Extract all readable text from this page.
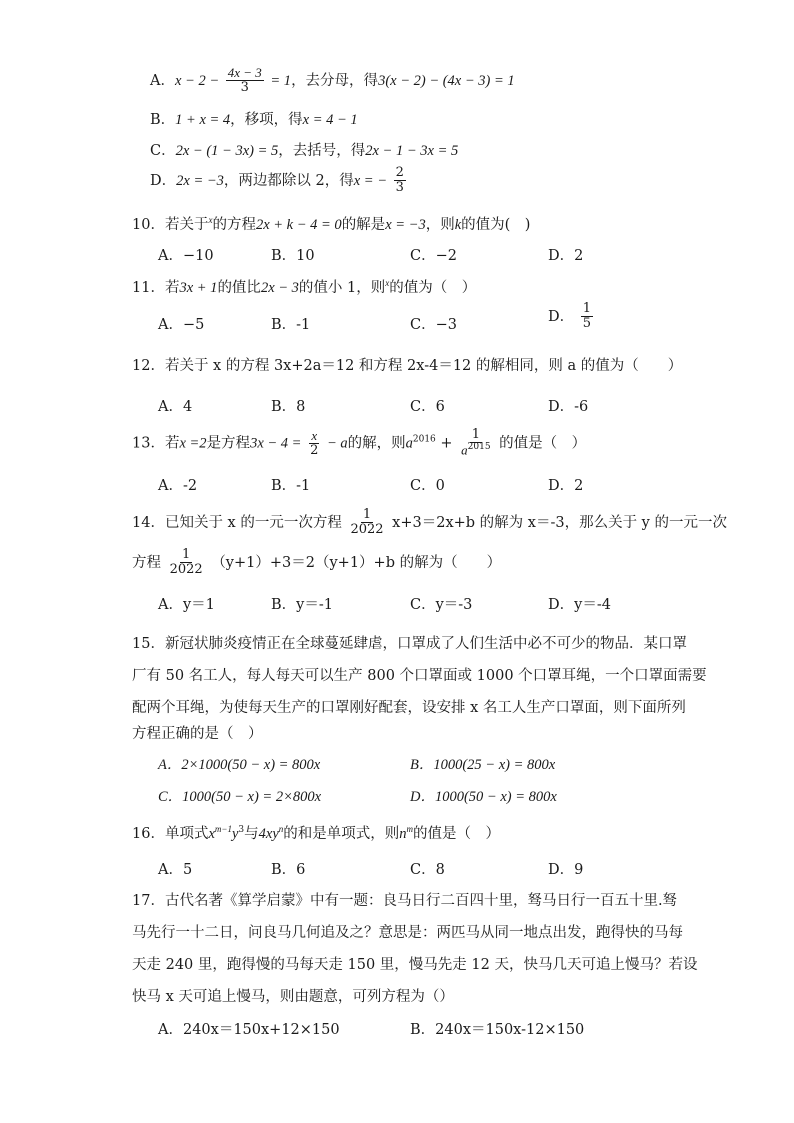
A．$x - 2 - \frac{4x - 3}{3} = 1$，去分母，得3(x − 2) − (4x − 3) = 1
B．1 + x = 4，移项，得x = 4 − 1
C．2x − (1 − 3x) = 5，去括号，得2x − 1 − 3x = 5
D．2x = −3，两边都除以 2，得x = − $\frac{2}{3}$
10．若关于$^x$的方程2x + k − 4 = 0的解是x = −3，则k的值为(　)
A．−10	B．10	C．−2	D．2
11．若3x + 1的值比2x − 3的值小 1，则$^x$的值为（　）
A．−5	B．-1	C．−3
D． $\frac{1}{5}$
12．若关于 x 的方程 3x+2a＝12 和方程 2x-4＝12 的解相同，则 a 的值为（　　）
A．4	B．8	C．6	D．-6
13．若x =2是方程$3x - 4 = \frac{x}{2} - a$的解，则$a^{2016} + \frac{1}{a^{2015}}$ 的值是（　）
A．-2	B．-1	C．0	D．2
14．已知关于 x 的一元一次方程 $\frac{1}{2022} x+3=2x+b$ 的解为 x＝-3，那么关于 y 的一元一次
方程 $\frac{1}{2022} (y+1)+3=2(y+1)+b$ 的解为（　　）
A．y＝1	B．y＝-1	C．y＝-3	D．y＝-4
15．新冠状肺炎疫情正在全球蔓延肆虐，口罩成了人们生活中必不可少的物品．某口罩
厂有 50 名工人，每人每天可以生产 800 个口罩面或 1000 个口罩耳绳，一个口罩面需要
配两个耳绳，为使每天生产的口罩刚好配套，设安排 x 名工人生产口罩面，则下面所列
方程正确的是（　）
A．2×1000(50 − x) = 800x	B．1000(25 − x) = 800x
C．1000(50 − x) = 2×800x	D．1000(50 − x) = 800x
16．单项式$x^{m-1}y^3$与$4xy^n$的和是单项式，则$n^m$的值是（　）
A．5	B．6	C．8	D．9
17．古代名著《算学启蒙》中有一题：良马日行二百四十里，驽马日行一百五十里.驽
马先行一十二日，问良马几何追及之？意思是：两匹马从同一地点出发，跑得快的马每
天走 240 里，跑得慢的马每天走 150 里，慢马先走 12 天，快马几天可追上慢马？若设
快马 x 天可追上慢马，则由题意，可列方程为（）
A．240x＝150x+12×150	B．240x＝150x-12×150
